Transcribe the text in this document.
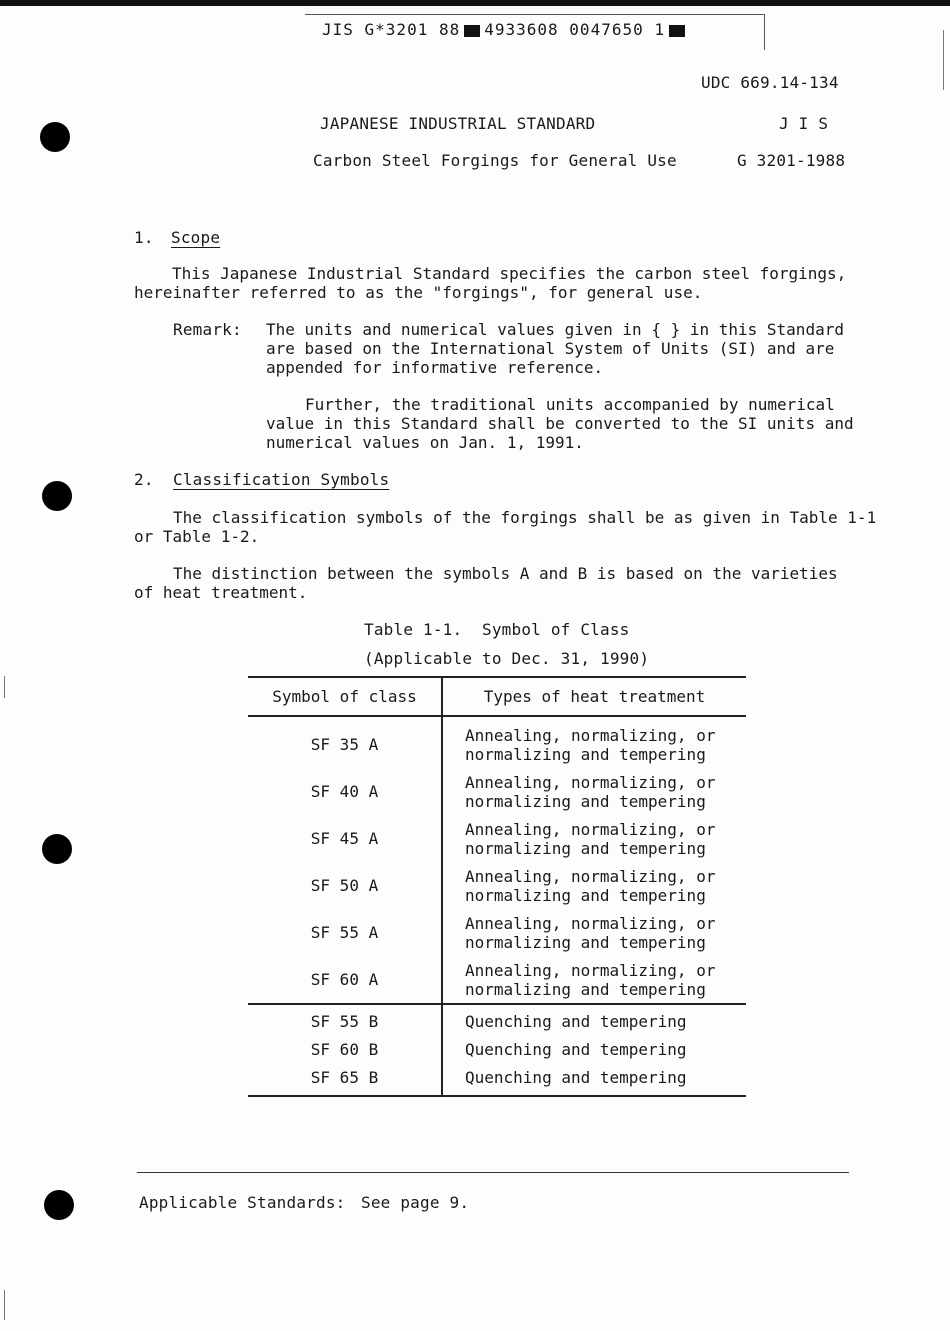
JIS G*3201 88 4933608 0047650 1
UDC 669.14-134
JAPANESE INDUSTRIAL STANDARD	J I S
Carbon Steel Forgings for General Use	G 3201-1988
1. Scope
This Japanese Industrial Standard specifies the carbon steel forgings,
hereinafter referred to as the "forgings", for general use.
Remark: The units and numerical values given in { } in this Standard
are based on the International System of Units (SI) and are
appended for informative reference.
Further, the traditional units accompanied by numerical
value in this Standard shall be converted to the SI units and
numerical values on Jan. 1, 1991.
2. Classification Symbols
The classification symbols of the forgings shall be as given in Table 1-1
or Table 1-2.
The distinction between the symbols A and B is based on the varieties
of heat treatment.
Table 1-1.  Symbol of Class
(Applicable to Dec. 31, 1990)
Symbol of class	Types of heat treatment
SF 35 A	Annealing, normalizing, or
normalizing and tempering
SF 40 A	Annealing, normalizing, or
normalizing and tempering
SF 45 A	Annealing, normalizing, or
normalizing and tempering
SF 50 A	Annealing, normalizing, or
normalizing and tempering
SF 55 A	Annealing, normalizing, or
normalizing and tempering
SF 60 A	Annealing, normalizing, or
normalizing and tempering
SF 55 B	Quenching and tempering
SF 60 B	Quenching and tempering
SF 65 B	Quenching and tempering
Applicable Standards: See page 9.
